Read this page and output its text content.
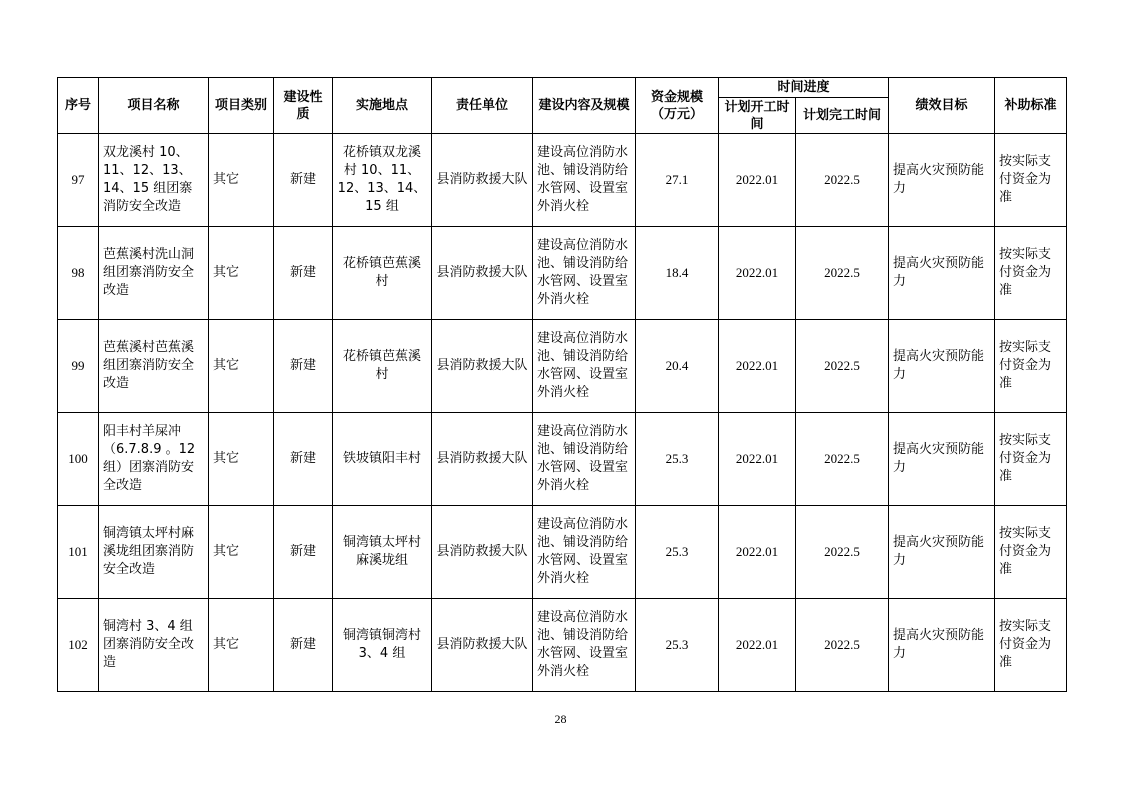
序号	项目名称	项目类别	建设性质	实施地点	责任单位	建设内容及规模	资金规模（万元）	时间进度		绩效目标	补助标准
								计划开工时间	计划完工时间		
97	双龙溪村 10、11、12、13、14、15 组团寨消防安全改造	其它	新建	花桥镇双龙溪村 10、11、12、13、14、15 组	县消防救援大队	建设高位消防水池、铺设消防给水管网、设置室外消火栓	27.1	2022.01	2022.5	提高火灾预防能力	按实际支付资金为准
98	芭蕉溪村洗山洞组团寨消防安全改造	其它	新建	花桥镇芭蕉溪村	县消防救援大队	建设高位消防水池、铺设消防给水管网、设置室外消火栓	18.4	2022.01	2022.5	提高火灾预防能力	按实际支付资金为准
99	芭蕉溪村芭蕉溪组团寨消防安全改造	其它	新建	花桥镇芭蕉溪村	县消防救援大队	建设高位消防水池、铺设消防给水管网、设置室外消火栓	20.4	2022.01	2022.5	提高火灾预防能力	按实际支付资金为准
100	阳丰村羊屎冲（6.7.8.9 。12 组）团寨消防安全改造	其它	新建	铁坡镇阳丰村	县消防救援大队	建设高位消防水池、铺设消防给水管网、设置室外消火栓	25.3	2022.01	2022.5	提高火灾预防能力	按实际支付资金为准
101	铜湾镇太坪村麻溪垅组团寨消防安全改造	其它	新建	铜湾镇太坪村麻溪垅组	县消防救援大队	建设高位消防水池、铺设消防给水管网、设置室外消火栓	25.3	2022.01	2022.5	提高火灾预防能力	按实际支付资金为准
102	铜湾村 3、4 组团寨消防安全改造	其它	新建	铜湾镇铜湾村 3、4 组	县消防救援大队	建设高位消防水池、铺设消防给水管网、设置室外消火栓	25.3	2022.01	2022.5	提高火灾预防能力	按实际支付资金为准
28
